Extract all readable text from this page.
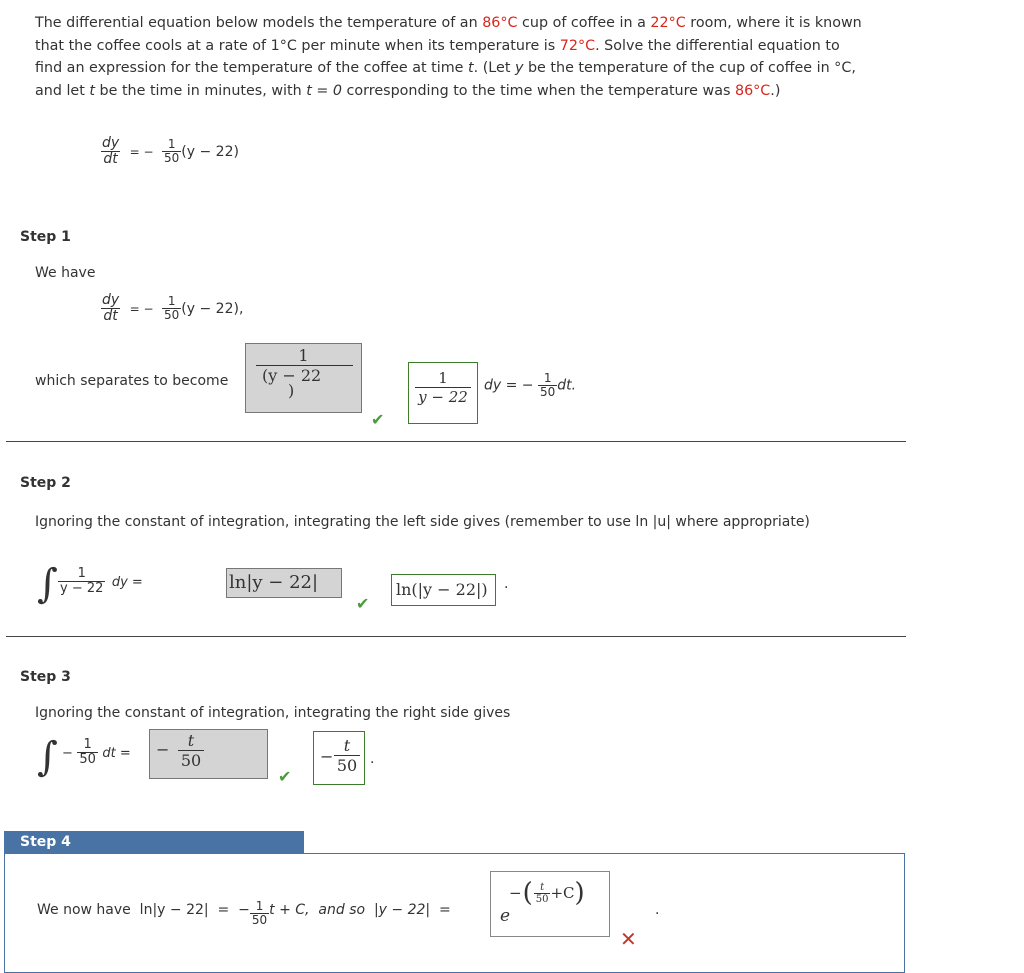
The differential equation below models the temperature of an 86°C cup of coffee in a 22°C room, where it is known that the coffee cools at a rate of 1°C per minute when its temperature is 72°C. Solve the differential equation to find an expression for the temperature of the coffee at time t. (Let y be the temperature of the cup of coffee in °C, and let t be the time in minutes, with t = 0 corresponding to the time when the temperature was 86°C.)
$\frac{dy}{dt}$ = − $\frac{1}{50} (y - 22)$
Step 1
We have
$\frac{dy}{dt}$ = − $\frac{1}{50} (y - 22)$,
which separates to become
1
(y − 22
)
✔
1
y − 22
dy = − $\frac{1}{50}$ dt.
Step 2
Ignoring the constant of integration, integrating the left side gives (remember to use ln |u| where appropriate)
∫ $\frac{1}{y - 22}$ dy =	ln|y − 22|
✔
ln(|y − 22|)	·
Step 3
Ignoring the constant of integration, integrating the right side gives
∫ − $\frac{1}{50}$ dt = −	t
50
✔
−
t
50 .
Step 4
We now have  ln|y − 22|  =  − $\frac{1}{50}$ t + C,  and so  |y − 22|  =	e
− ( $\frac{t}{50} +C$ )
✕
.
